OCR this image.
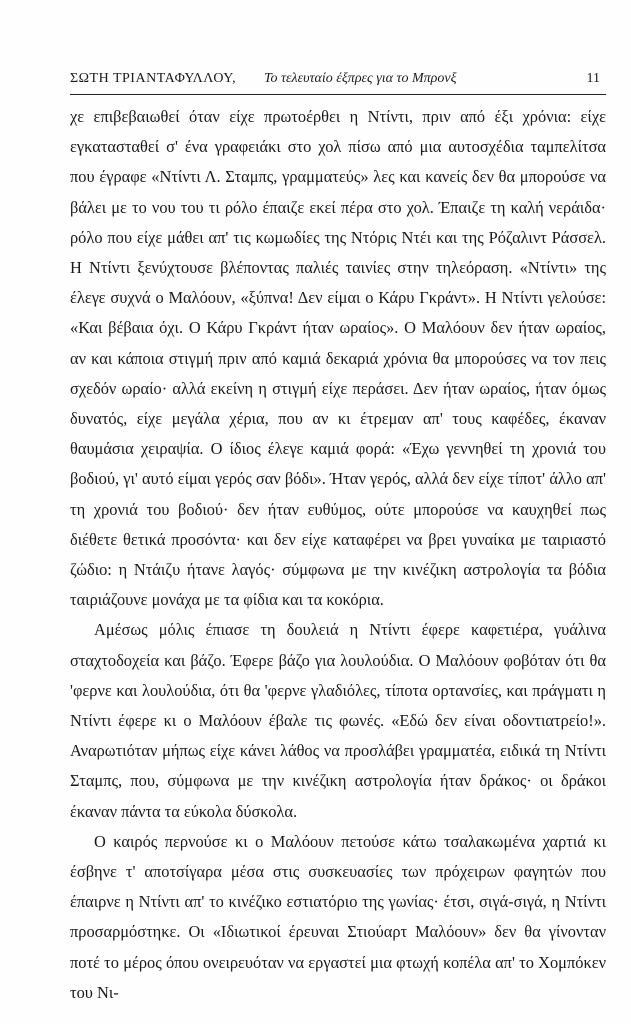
ΣΩΤΗ ΤΡΙΑΝΤΑΦΥΛΛΟΥ, Το τελευταίο έξπρες για το Μπρονξ	11

χε επιβεβαιωθεί όταν είχε πρωτοέρθει η Ντίντι, πριν από έξι χρόνια: είχε εγκατασταθεί σ' ένα γραφειάκι στο χολ πίσω από μια αυτοσχέδια ταμπελίτσα που έγραφε «Ντίντι Λ. Σταμπς, γραμματεύς» λες και κανείς δεν θα μπορούσε να βάλει με το νου του τι ρόλο έπαιζε εκεί πέρα στο χολ. Έπαιζε τη καλή νεράιδα· ρόλο που είχε μάθει απ' τις κωμωδίες της Ντόρις Ντέι και της Ρόζαλιντ Ράσσελ. Η Ντίντι ξενύχτουσε βλέποντας παλιές ταινίες στην τηλεόραση. «Ντίντι» της έλεγε συχνά ο Μαλόουν, «ξύπνα! Δεν είμαι ο Κάρυ Γκράντ». Η Ντίντι γελούσε: «Και βέβαια όχι. Ο Κάρυ Γκράντ ήταν ωραίος». Ο Μαλόουν δεν ήταν ωραίος, αν και κάποια στιγμή πριν από καμιά δεκαριά χρόνια θα μπορούσες να τον πεις σχεδόν ωραίο· αλλά εκείνη η στιγμή είχε περάσει. Δεν ήταν ωραίος, ήταν όμως δυνατός, είχε μεγάλα χέρια, που αν κι έτρεμαν απ' τους καφέδες, έκαναν θαυμάσια χειραψία. Ο ίδιος έλεγε καμιά φορά: «Έχω γεννηθεί τη χρονιά του βοδιού, γι' αυτό είμαι γερός σαν βόδι». Ήταν γερός, αλλά δεν είχε τίποτ' άλλο απ' τη χρονιά του βοδιού· δεν ήταν ευθύμος, ούτε μπορούσε να καυχηθεί πως διέθετε θετικά προσόντα· και δεν είχε καταφέρει να βρει γυναίκα με ταιριαστό ζώδιο: η Ντάιζυ ήτανε λαγός· σύμφωνα με την κινέζικη αστρολογία τα βόδια ταιριάζουνε μονάχα με τα φίδια και τα κοκόρια.

Αμέσως μόλις έπιασε τη δουλειά η Ντίντι έφερε καφετιέρα, γυάλινα σταχτοδοχεία και βάζο. Έφερε βάζο για λουλούδια. Ο Μαλόουν φοβόταν ότι θα 'φερνε και λουλούδια, ότι θα 'φερνε γλαδιόλες, τίποτα ορτανσίες, και πράγματι η Ντίντι έφερε κι ο Μαλόουν έβαλε τις φωνές. «Εδώ δεν είναι οδοντιατρείο!». Αναρωτιόταν μήπως είχε κάνει λάθος να προσλάβει γραμματέα, ειδικά τη Ντίντι Σταμπς, που, σύμφωνα με την κινέζικη αστρολογία ήταν δράκος· οι δράκοι έκαναν πάντα τα εύκολα δύσκολα.

Ο καιρός περνούσε κι ο Μαλόουν πετούσε κάτω τσαλακωμένα χαρτιά κι έσβηνε τ' αποτσίγαρα μέσα στις συσκευασίες των πρόχειρων φαγητών που έπαιρνε η Ντίντι απ' το κινέζικο εστιατόριο της γωνίας· έτσι, σιγά-σιγά, η Ντίντι προσαρμόστηκε. Οι «Ιδιωτικοί έρευναι Στιούαρτ Μαλόουν» δεν θα γίνονταν ποτέ το μέρος όπου ονειρευόταν να εργαστεί μια φτωχή κοπέλα απ' το Χομπόκεν του Νι-
